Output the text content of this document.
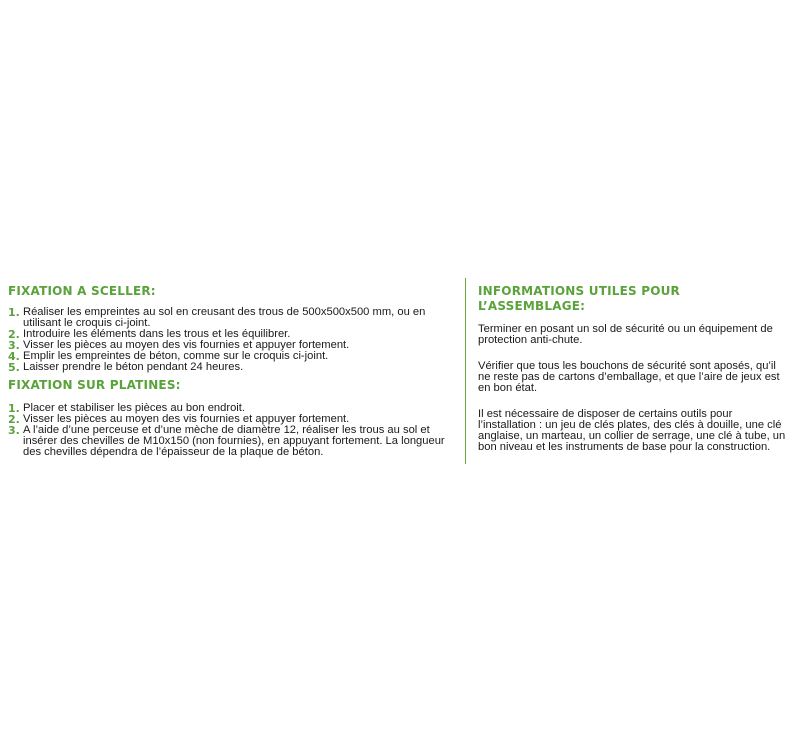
FIXATION A SCELLER:
1. Réaliser les empreintes au sol en creusant des trous de 500x500x500 mm, ou en utilisant le croquis ci-joint.
2. Introduire les éléments dans les trous et les équilibrer.
3. Visser les pièces au moyen des vis fournies et appuyer fortement.
4. Emplir les empreintes de béton, comme sur le croquis ci-joint.
5. Laisser prendre le béton pendant 24 heures.
FIXATION SUR PLATINES:
1. Placer et stabiliser les pièces au bon endroit.
2. Visser les pièces au moyen des vis fournies et appuyer fortement.
3. A l’aide d’une perceuse et d’une mèche de diamètre 12, réaliser les trous au sol et insérer des chevilles de M10x150 (non fournies), en appuyant fortement. La longueur des chevilles dépendra de l’épaisseur de la plaque de béton.
INFORMATIONS UTILES POUR L’ASSEMBLAGE:

Terminer en posant un sol de sécurité ou un équipement de protection anti-chute.

Vérifier que tous les bouchons de sécurité sont aposés, qu’il ne reste pas de cartons d’emballage, et que l’aire de jeux est en bon état.

Il est nécessaire de disposer de certains outils pour l’installation : un jeu de clés plates, des clés à douille, une clé anglaise, un marteau, un collier de serrage, une clé à tube, un bon niveau et les instruments de base pour la construction.
